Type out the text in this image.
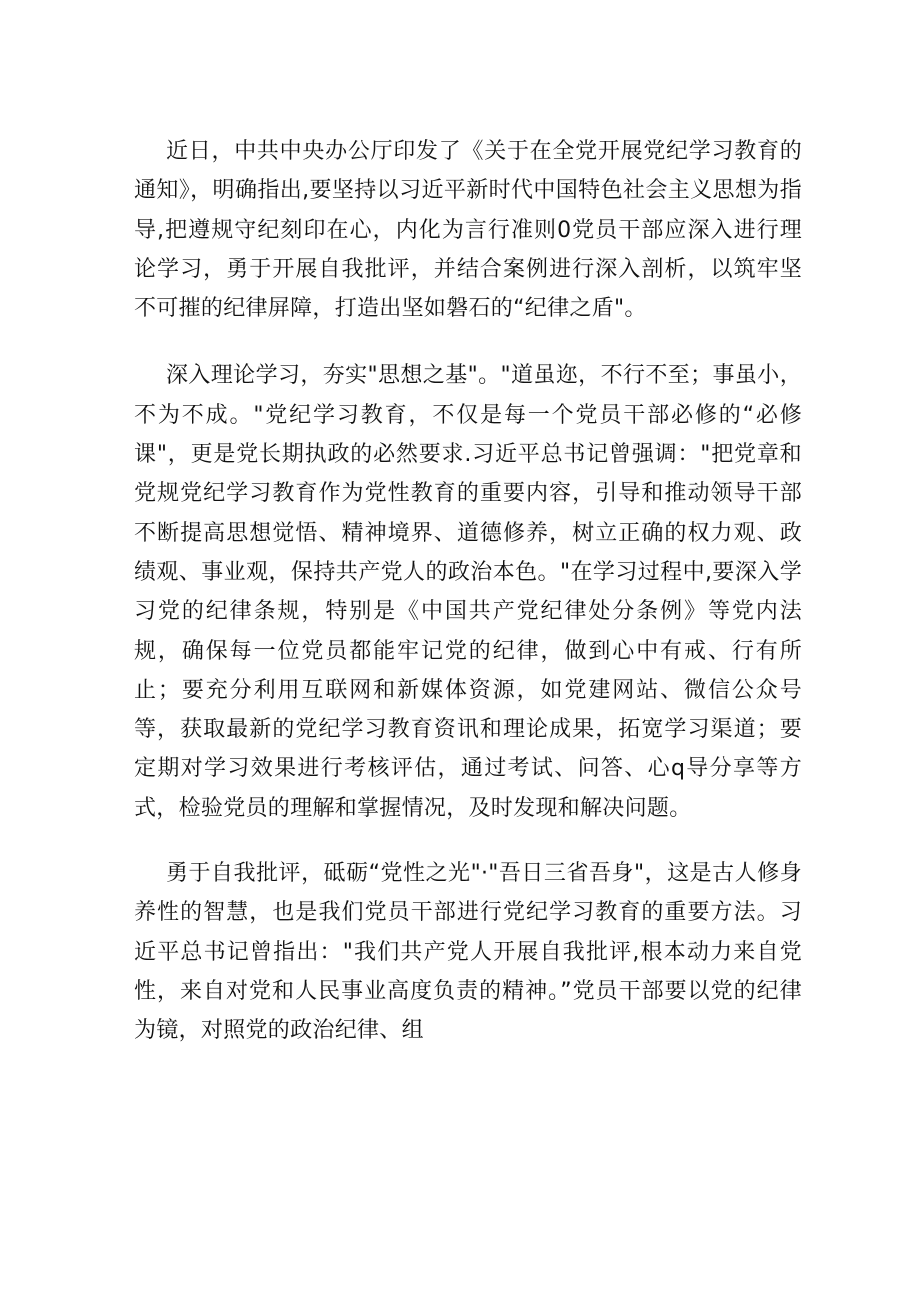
近日，中共中央办公厅印发了《关于在全党开展党纪学习教育的通知》，明确指出,要坚持以习近平新时代中国特色社会主义思想为指导,把遵规守纪刻印在心，内化为言行准则0党员干部应深入进行理论学习，勇于开展自我批评，并结合案例进行深入剖析，以筑牢坚不可摧的纪律屏障，打造出坚如磐石的“纪律之盾"。

深入理论学习，夯实"思想之基"。"道虽迩，不行不至；事虽小，不为不成。"党纪学习教育，不仅是每一个党员干部必修的“必修课"，更是党长期执政的必然要求.习近平总书记曾强调："把党章和党规党纪学习教育作为党性教育的重要内容，引导和推动领导干部不断提高思想觉悟、精神境界、道德修养，树立正确的权力观、政绩观、事业观，保持共产党人的政治本色。"在学习过程中,要深入学习党的纪律条规，特别是《中国共产党纪律处分条例》等党内法规，确保每一位党员都能牢记党的纪律，做到心中有戒、行有所止；要充分利用互联网和新媒体资源，如党建网站、微信公众号等，获取最新的党纪学习教育资讯和理论成果，拓宽学习渠道；要定期对学习效果进行考核评估，通过考试、问答、心q导分享等方式，检验党员的理解和掌握情况，及时发现和解决问题。

勇于自我批评，砥砺“党性之光"·"吾日三省吾身"，这是古人修身养性的智慧，也是我们党员干部进行党纪学习教育的重要方法。习近平总书记曾指出："我们共产党人开展自我批评,根本动力来自党性，来自对党和人民事业高度负责的精神。”党员干部要以党的纪律为镜，对照党的政治纪律、组
